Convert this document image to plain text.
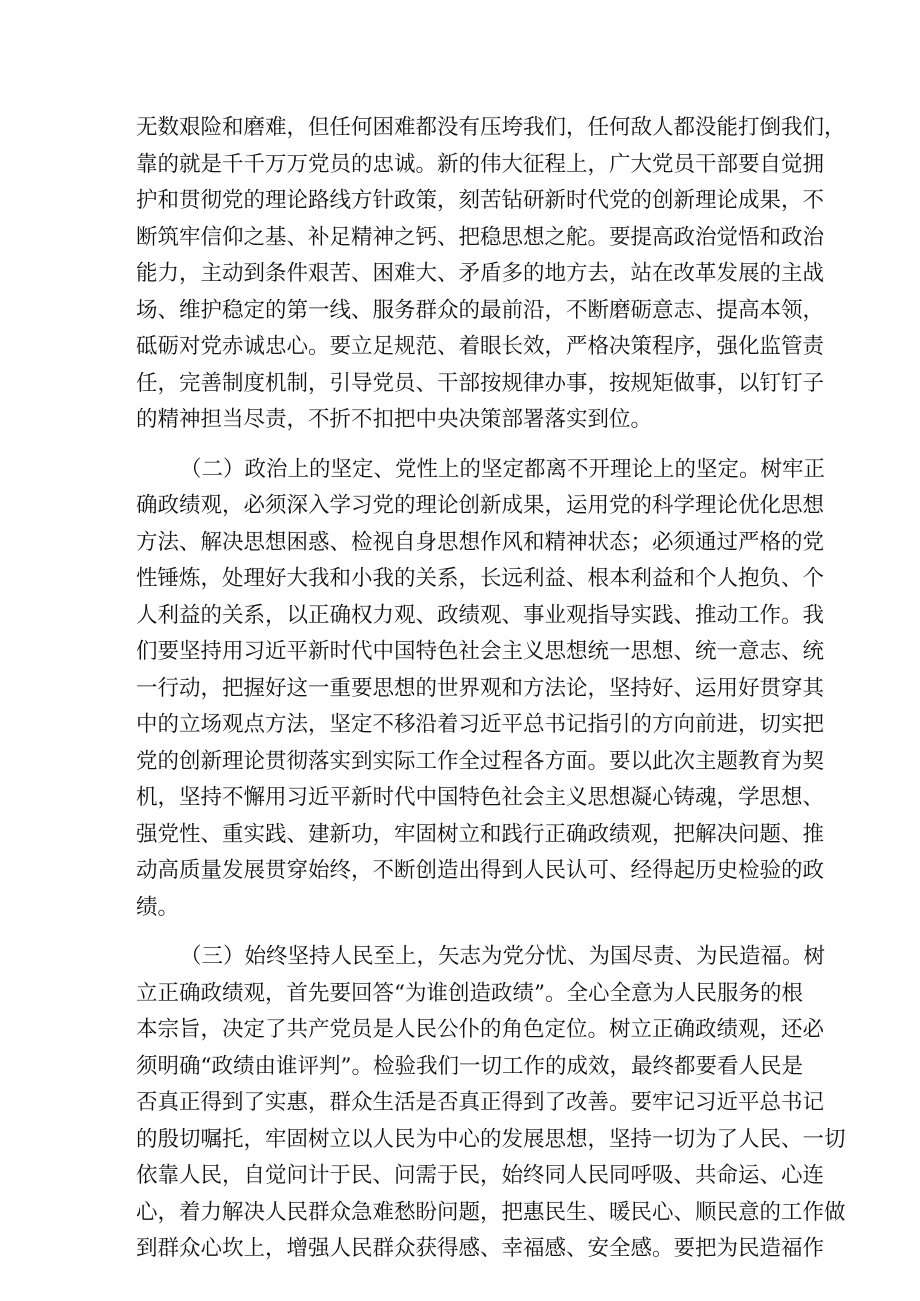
无数艰险和磨难，但任何困难都没有压垮我们，任何敌人都没能打倒我们，
靠的就是千千万万党员的忠诚。新的伟大征程上，广大党员干部要自觉拥
护和贯彻党的理论路线方针政策，刻苦钻研新时代党的创新理论成果，不
断筑牢信仰之基、补足精神之钙、把稳思想之舵。要提高政治觉悟和政治
能力，主动到条件艰苦、困难大、矛盾多的地方去，站在改革发展的主战
场、维护稳定的第一线、服务群众的最前沿，不断磨砺意志、提高本领，
砥砺对党赤诚忠心。要立足规范、着眼长效，严格决策程序，强化监管责
任，完善制度机制，引导党员、干部按规律办事，按规矩做事，以钉钉子
的精神担当尽责，不折不扣把中央决策部署落实到位。
（二）政治上的坚定、党性上的坚定都离不开理论上的坚定。树牢正
确政绩观，必须深入学习党的理论创新成果，运用党的科学理论优化思想
方法、解决思想困惑、检视自身思想作风和精神状态；必须通过严格的党
性锤炼，处理好大我和小我的关系，长远利益、根本利益和个人抱负、个
人利益的关系，以正确权力观、政绩观、事业观指导实践、推动工作。我
们要坚持用习近平新时代中国特色社会主义思想统一思想、统一意志、统
一行动，把握好这一重要思想的世界观和方法论，坚持好、运用好贯穿其
中的立场观点方法，坚定不移沿着习近平总书记指引的方向前进，切实把
党的创新理论贯彻落实到实际工作全过程各方面。要以此次主题教育为契
机，坚持不懈用习近平新时代中国特色社会主义思想凝心铸魂，学思想、
强党性、重实践、建新功，牢固树立和践行正确政绩观，把解决问题、推
动高质量发展贯穿始终，不断创造出得到人民认可、经得起历史检验的政
绩。
（三）始终坚持人民至上，矢志为党分忧、为国尽责、为民造福。树
立正确政绩观，首先要回答“为谁创造政绩”。全心全意为人民服务的根
本宗旨，决定了共产党员是人民公仆的角色定位。树立正确政绩观，还必
须明确“政绩由谁评判”。检验我们一切工作的成效，最终都要看人民是
否真正得到了实惠，群众生活是否真正得到了改善。要牢记习近平总书记
的殷切嘱托，牢固树立以人民为中心的发展思想，坚持一切为了人民、一切
依靠人民，自觉问计于民、问需于民，始终同人民同呼吸、共命运、心连
心，着力解决人民群众急难愁盼问题，把惠民生、暖民心、顺民意的工作做
到群众心坎上，增强人民群众获得感、幸福感、安全感。要把为民造福作
